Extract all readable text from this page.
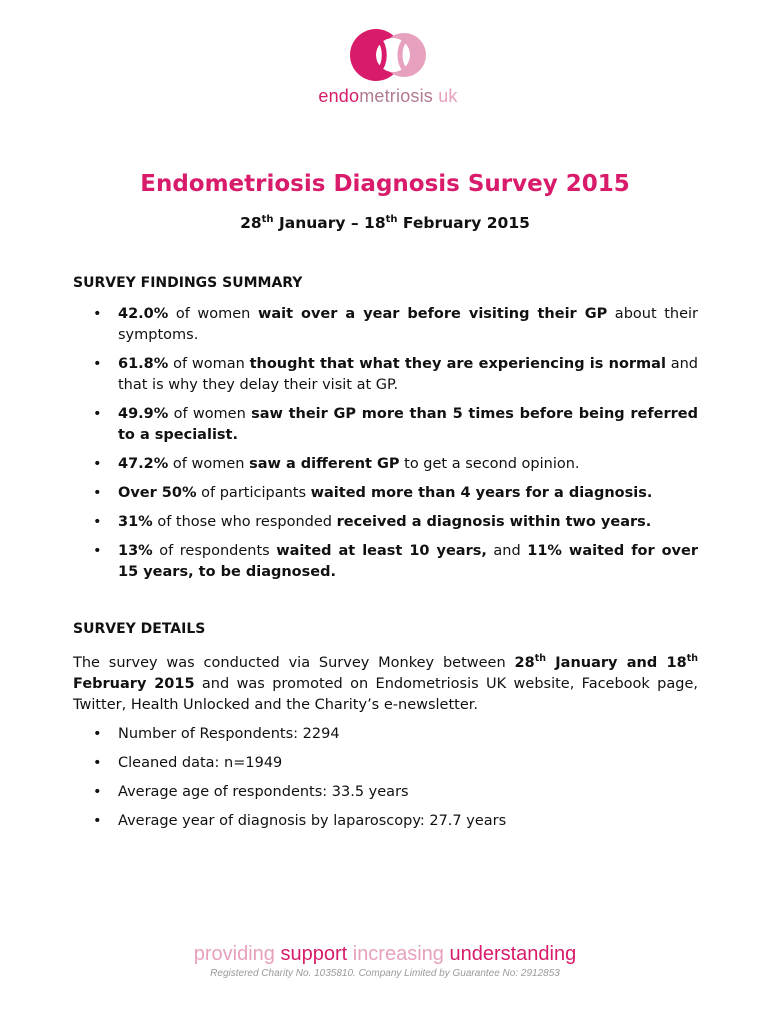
endometriosis uk
Endometriosis Diagnosis Survey 2015
28th January – 18th February 2015
SURVEY FINDINGS SUMMARY
• 42.0% of women wait over a year before visiting their GP about their symptoms.
• 61.8% of woman thought that what they are experiencing is normal and that is why they delay their visit at GP.
• 49.9% of women saw their GP more than 5 times before being referred to a specialist.
• 47.2% of women saw a different GP to get a second opinion.
• Over 50% of participants waited more than 4 years for a diagnosis.
• 31% of those who responded received a diagnosis within two years.
• 13% of respondents waited at least 10 years, and 11% waited for over 15 years, to be diagnosed.
SURVEY DETAILS
The survey was conducted via Survey Monkey between 28th January and 18th February 2015 and was promoted on Endometriosis UK website, Facebook page, Twitter, Health Unlocked and the Charity’s e-newsletter.
• Number of Respondents: 2294
• Cleaned data: n=1949
• Average age of respondents: 33.5 years
• Average year of diagnosis by laparoscopy: 27.7 years
providing support increasing understanding
Registered Charity No. 1035810. Company Limited by Guarantee No: 2912853
